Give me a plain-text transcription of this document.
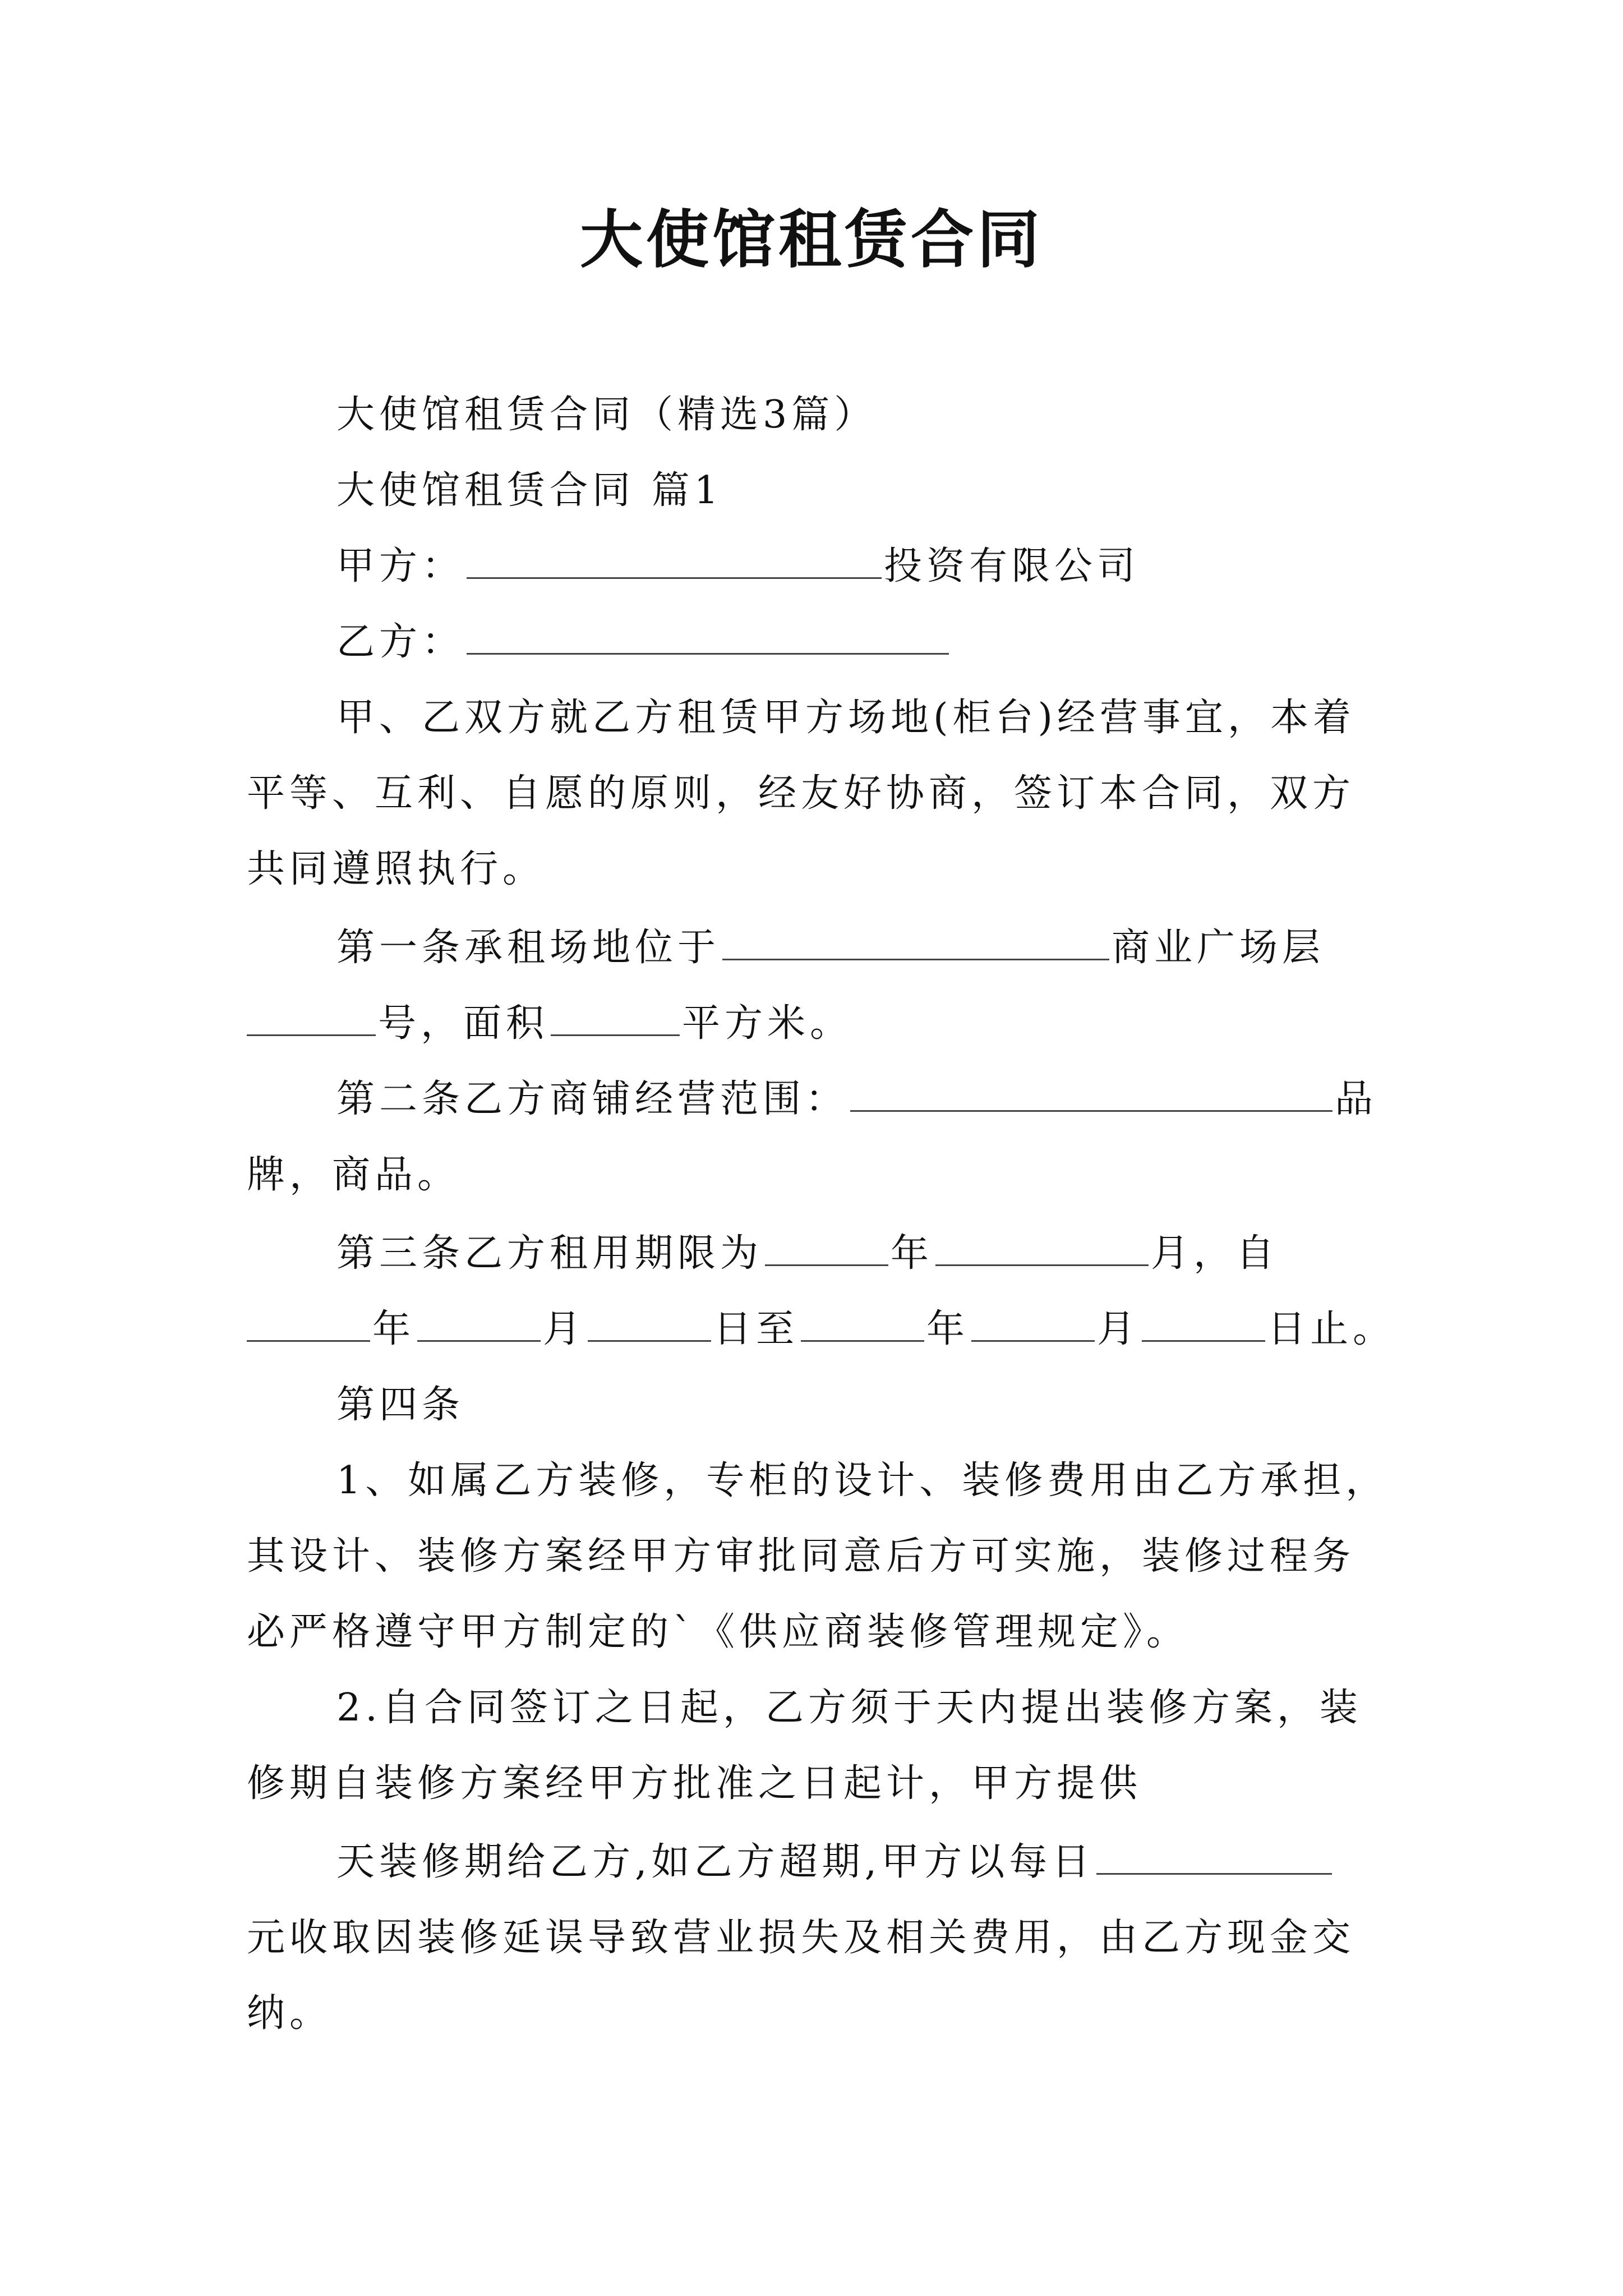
大使馆租赁合同
大使馆租赁合同（精选3篇）
大使馆租赁合同 篇1
甲方：	投资有限公司
乙方：
甲、乙双方就乙方租赁甲方场地(柜台)经营事宜，本着
平等、互利、自愿的原则，经友好协商，签订本合同，双方
共同遵照执行。
第一条承租场地位于	商业广场层
号，面积	平方米。
第二条乙方商铺经营范围：	品
牌，商品。
第三条乙方租用期限为	年	月，自
年	月	日至	年	月	日止。
第四条
1、如属乙方装修，专柜的设计、装修费用由乙方承担，
其设计、装修方案经甲方审批同意后方可实施，装修过程务
必严格遵守甲方制定的`《供应商装修管理规定》。
2.自合同签订之日起，乙方须于天内提出装修方案，装
修期自装修方案经甲方批准之日起计，甲方提供
天装修期给乙方,如乙方超期,甲方以每日
元收取因装修延误导致营业损失及相关费用，由乙方现金交
纳。
